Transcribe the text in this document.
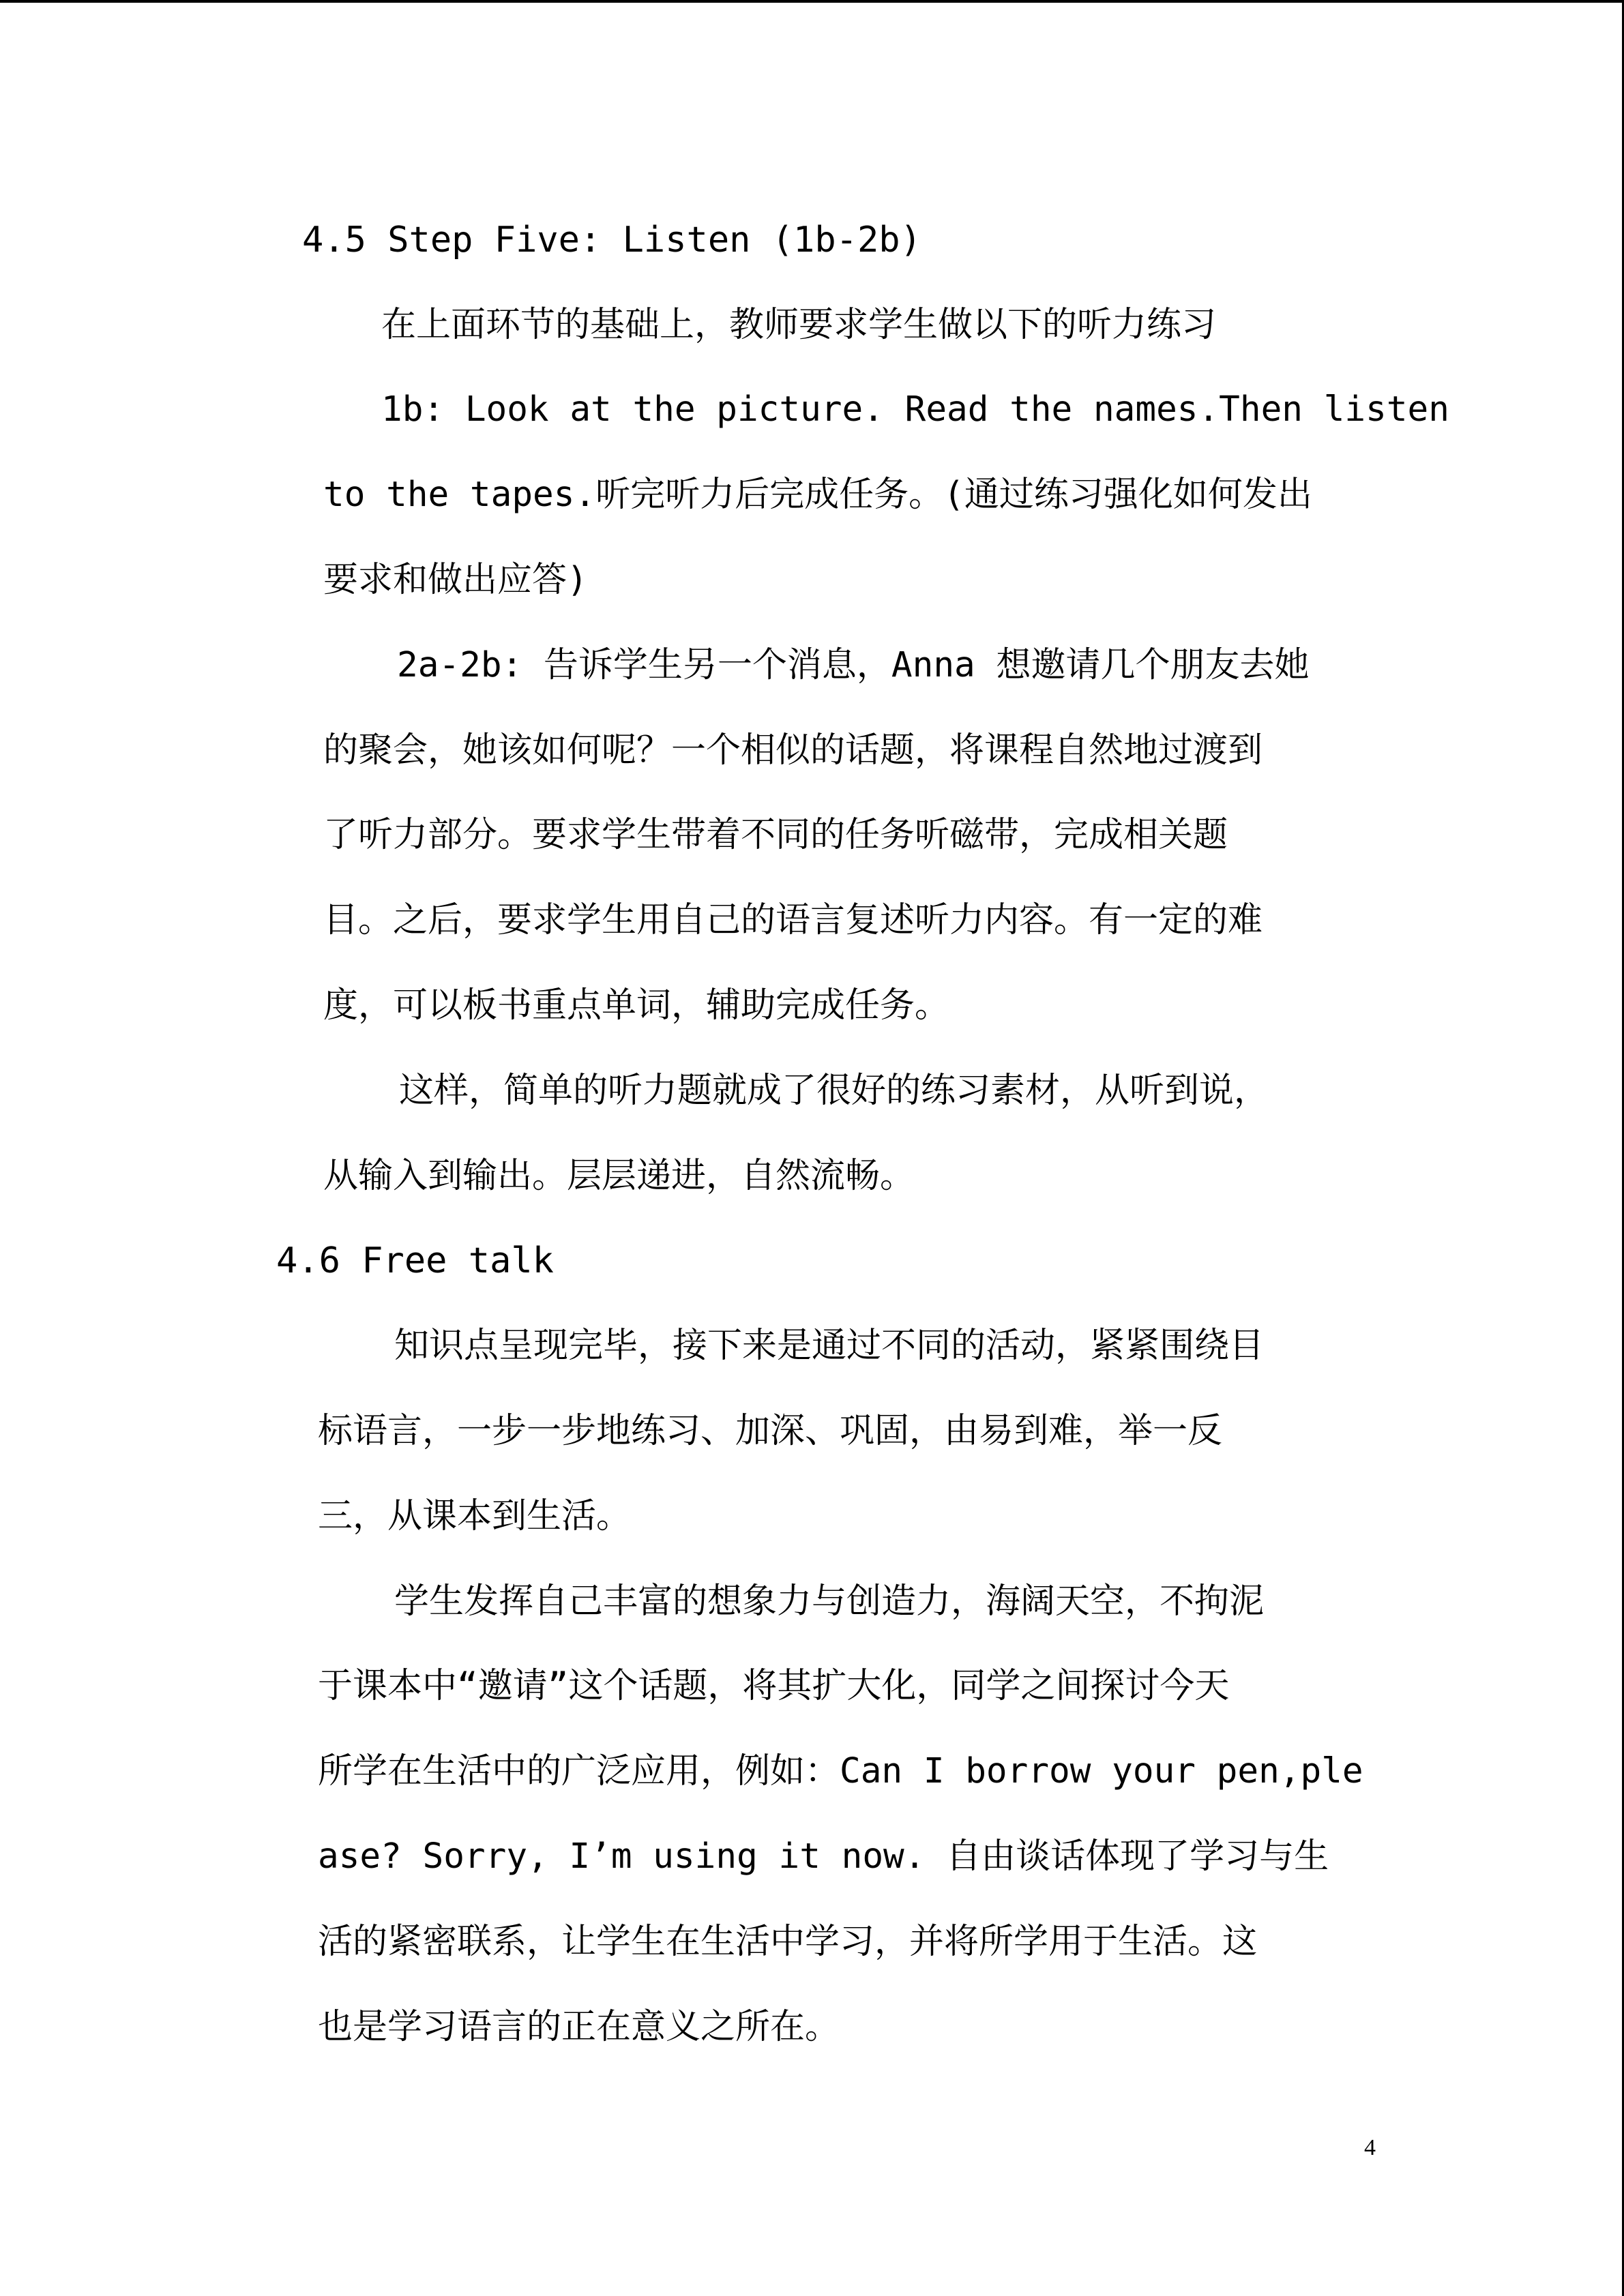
4.5 Step Five: Listen (1b-2b)
在上面环节的基础上，教师要求学生做以下的听力练习
1b: Look at the picture. Read the names.Then listen
to the tapes.听完听力后完成任务。(通过练习强化如何发出
要求和做出应答)
2a-2b: 告诉学生另一个消息，Anna 想邀请几个朋友去她
的聚会，她该如何呢？一个相似的话题，将课程自然地过渡到
了听力部分。要求学生带着不同的任务听磁带，完成相关题
目。之后，要求学生用自己的语言复述听力内容。有一定的难
度，可以板书重点单词，辅助完成任务。
这样，简单的听力题就成了很好的练习素材，从听到说，
从输入到输出。层层递进，自然流畅。
4.6 Free talk
知识点呈现完毕，接下来是通过不同的活动，紧紧围绕目
标语言，一步一步地练习、加深、巩固，由易到难，举一反
三，从课本到生活。
学生发挥自己丰富的想象力与创造力，海阔天空，不拘泥
于课本中“邀请”这个话题，将其扩大化，同学之间探讨今天
所学在生活中的广泛应用，例如：Can I borrow your pen,ple
ase? Sorry, I’m using it now. 自由谈话体现了学习与生
活的紧密联系，让学生在生活中学习，并将所学用于生活。这
也是学习语言的正在意义之所在。
4
